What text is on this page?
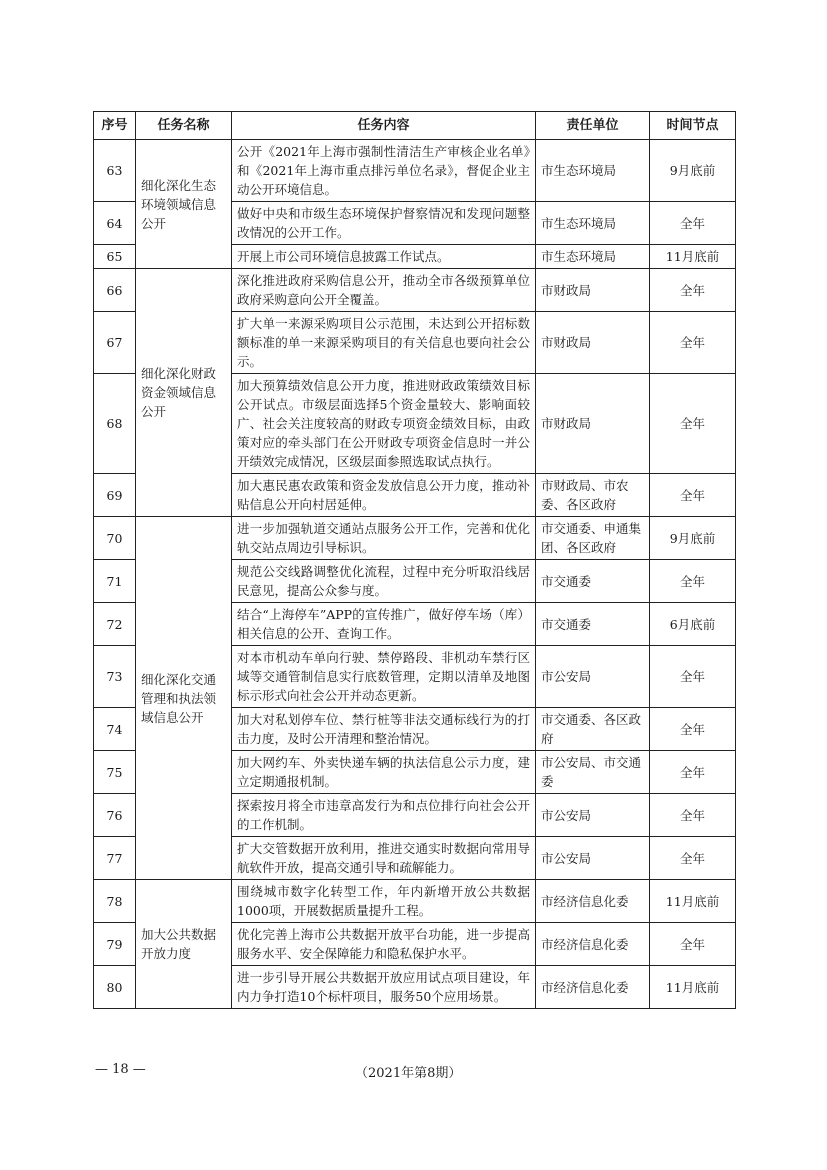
序号	任务名称	任务内容	责任单位	时间节点
63	细化深化生态环境领域信息公开	公开《2021年上海市强制性清洁生产审核企业名单》和《2021年上海市重点排污单位名录》，督促企业主动公开环境信息。	市生态环境局	9月底前
64		做好中央和市级生态环境保护督察情况和发现问题整改情况的公开工作。	市生态环境局	全年
65		开展上市公司环境信息披露工作试点。	市生态环境局	11月底前
66	细化深化财政资金领域信息公开	深化推进政府采购信息公开，推动全市各级预算单位政府采购意向公开全覆盖。	市财政局	全年
67		扩大单一来源采购项目公示范围，未达到公开招标数额标准的单一来源采购项目的有关信息也要向社会公示。	市财政局	全年
68		加大预算绩效信息公开力度，推进财政政策绩效目标公开试点。市级层面选择5个资金量较大、影响面较广、社会关注度较高的财政专项资金绩效目标，由政策对应的牵头部门在公开财政专项资金信息时一并公开绩效完成情况，区级层面参照选取试点执行。	市财政局	全年
69		加大惠民惠农政策和资金发放信息公开力度，推动补贴信息公开向村居延伸。	市财政局、市农委、各区政府	全年
70	细化深化交通管理和执法领域信息公开	进一步加强轨道交通站点服务公开工作，完善和优化轨交站点周边引导标识。	市交通委、申通集团、各区政府	9月底前
71		规范公交线路调整优化流程，过程中充分听取沿线居民意见，提高公众参与度。	市交通委	全年
72		结合“上海停车”APP的宣传推广，做好停车场（库）相关信息的公开、查询工作。	市交通委	6月底前
73		对本市机动车单向行驶、禁停路段、非机动车禁行区域等交通管制信息实行底数管理，定期以清单及地图标示形式向社会公开并动态更新。	市公安局	全年
74		加大对私划停车位、禁行桩等非法交通标线行为的打击力度，及时公开清理和整治情况。	市交通委、各区政府	全年
75		加大网约车、外卖快递车辆的执法信息公示力度，建立定期通报机制。	市公安局、市交通委	全年
76		探索按月将全市违章高发行为和点位排行向社会公开的工作机制。	市公安局	全年
77		扩大交管数据开放利用，推进交通实时数据向常用导航软件开放，提高交通引导和疏解能力。	市公安局	全年
78	加大公共数据开放力度	围绕城市数字化转型工作，年内新增开放公共数据1000项，开展数据质量提升工程。	市经济信息化委	11月底前
79		优化完善上海市公共数据开放平台功能，进一步提高服务水平、安全保障能力和隐私保护水平。	市经济信息化委	全年
80		进一步引导开展公共数据开放应用试点项目建设，年内力争打造10个标杆项目，服务50个应用场景。	市经济信息化委	11月底前
— 18 —	（2021年第8期）
